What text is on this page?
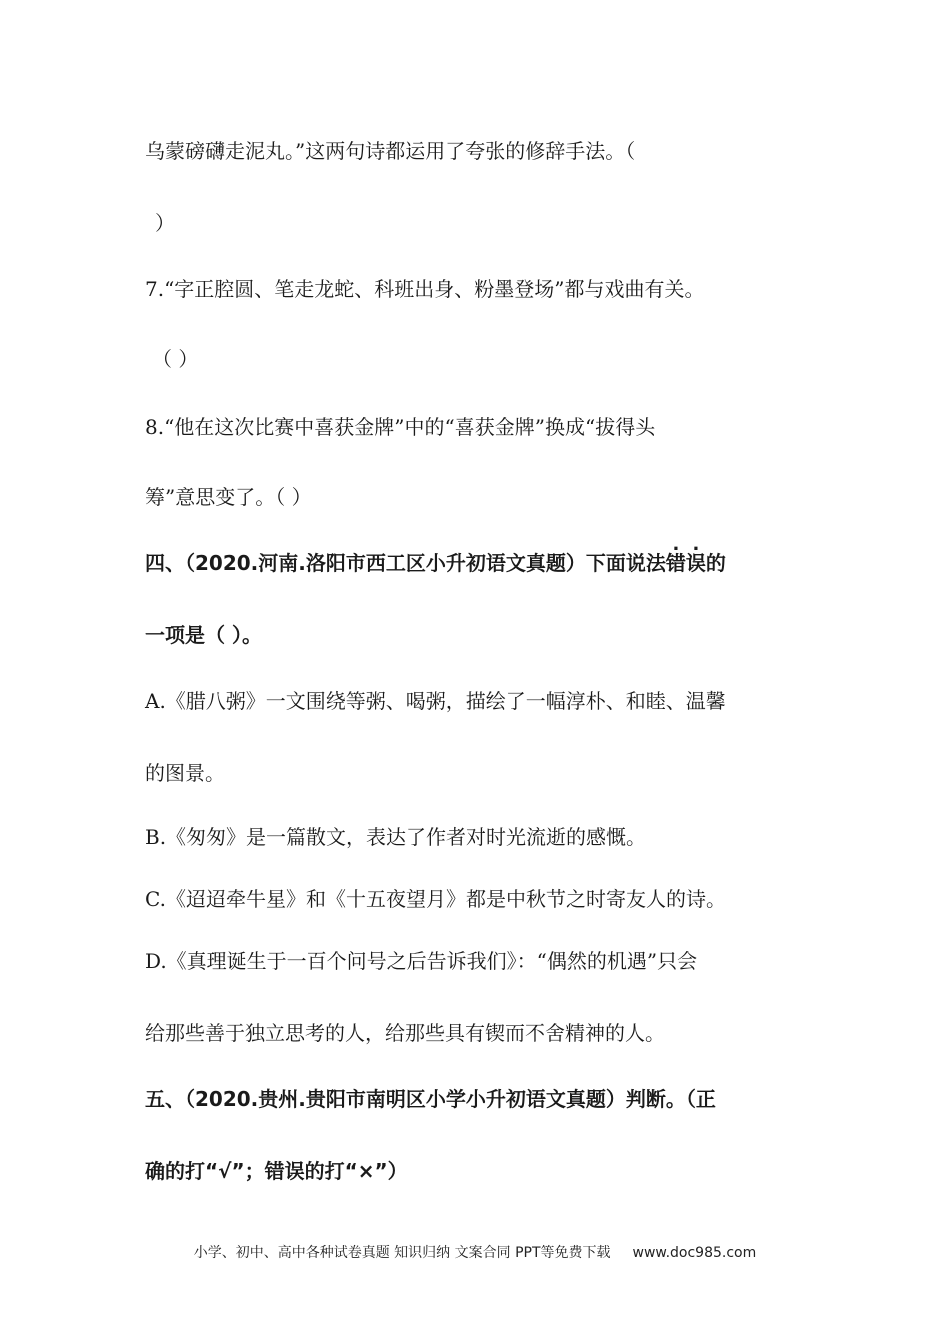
乌蒙磅礴走泥丸。”这两句诗都运用了夸张的修辞手法。（
）
7.“字正腔圆、笔走龙蛇、科班出身、粉墨登场”都与戏曲有关。
（ ）
8.“他在这次比赛中喜获金牌”中的“喜获金牌”换成“拔得头
筹”意思变了。（ ）
四、（2020.河南.洛阳市西工区小升初语文真题）下面说法错误的
一项是（ ）。
A.《腊八粥》一文围绕等粥、喝粥，描绘了一幅淳朴、和睦、温馨
的图景。
B.《匆匆》是一篇散文，表达了作者对时光流逝的感慨。
C.《迢迢牵牛星》和《十五夜望月》都是中秋节之时寄友人的诗。
D.《真理诞生于一百个问号之后告诉我们》：“偶然的机遇”只会
给那些善于独立思考的人，给那些具有锲而不舍精神的人。
五、（2020.贵州.贵阳市南明区小学小升初语文真题）判断。（正
确的打“√”；错误的打“×”）
小学、初中、高中各种试卷真题 知识归纳 文案合同 PPT等免费下载 www.doc985.com
